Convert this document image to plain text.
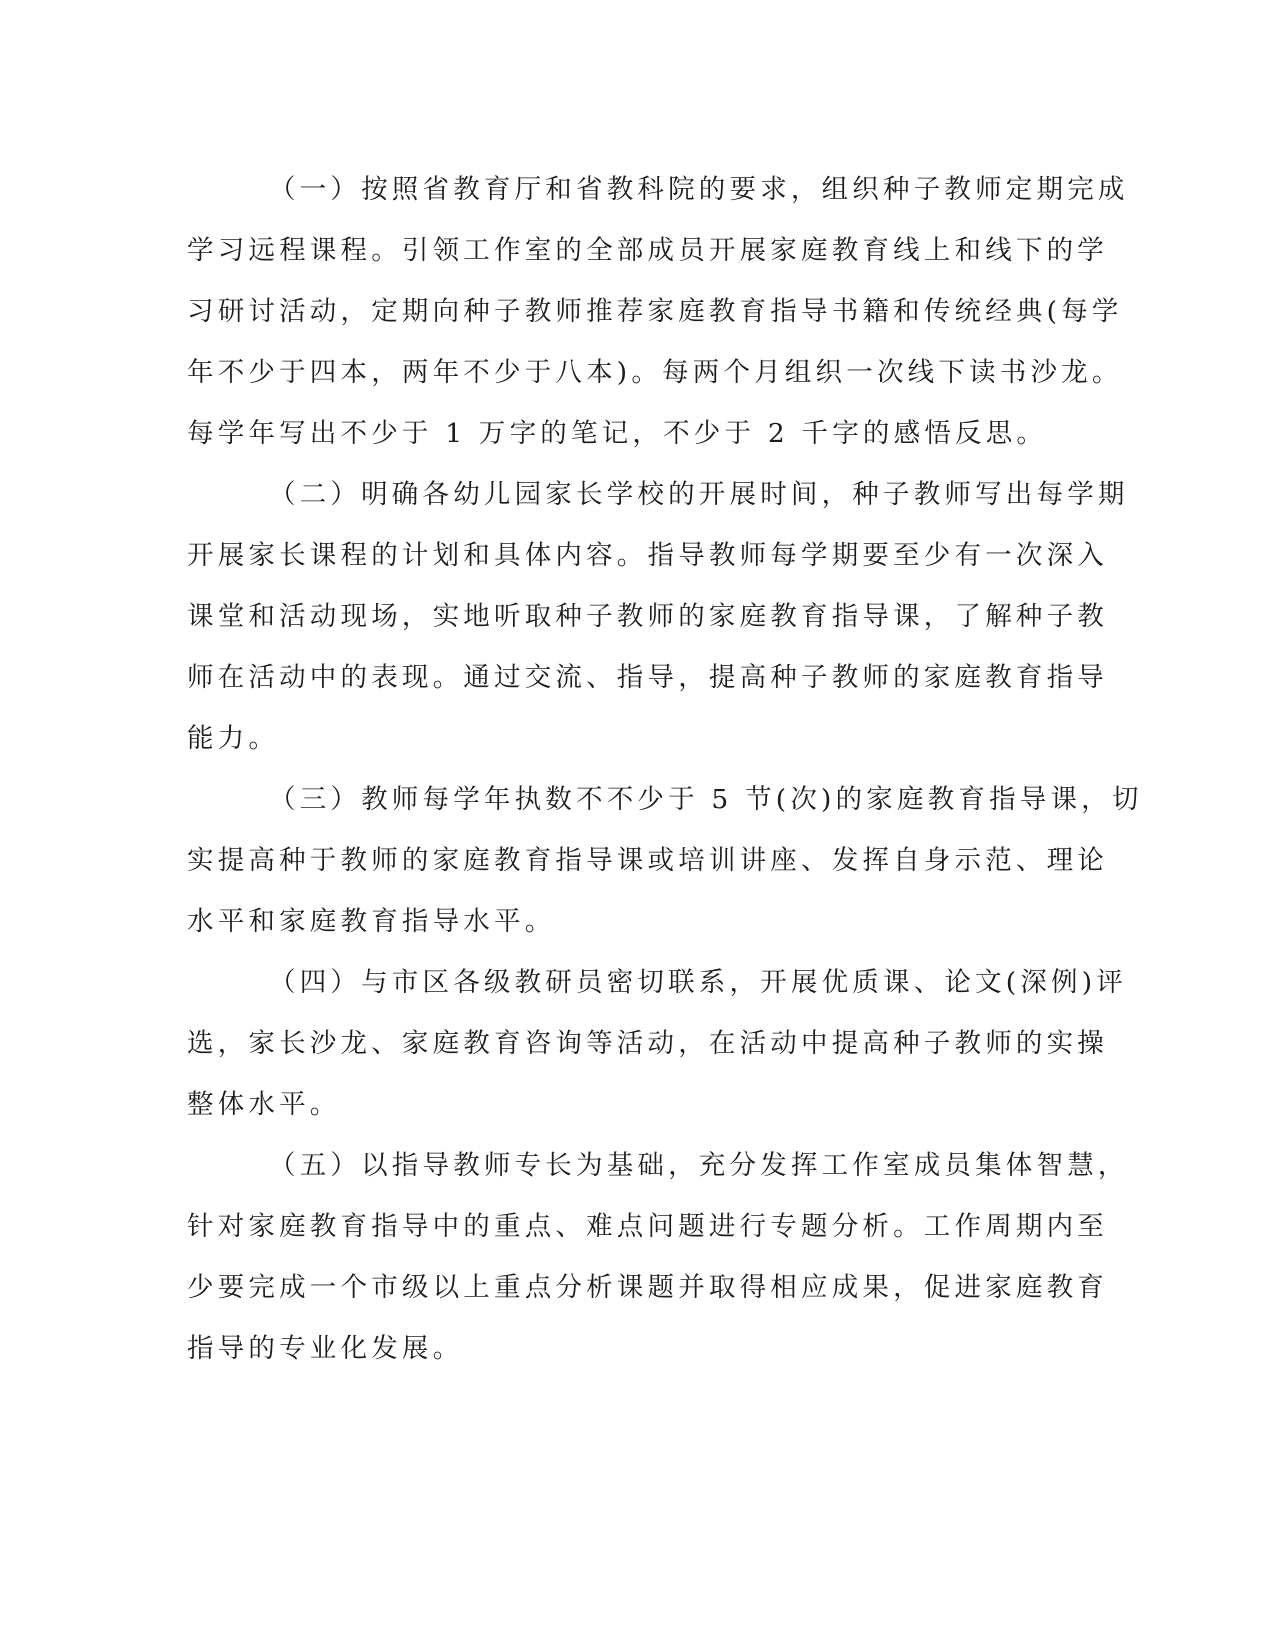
（一）按照省教育厅和省教科院的要求，组织种子教师定期完成
学习远程课程。引领工作室的全部成员开展家庭教育线上和线下的学
习研讨活动，定期向种子教师推荐家庭教育指导书籍和传统经典(每学
年不少于四本，两年不少于八本)。每两个月组织一次线下读书沙龙。
每学年写出不少于 1 万字的笔记，不少于 2 千字的感悟反思。
（二）明确各幼儿园家长学校的开展时间，种子教师写出每学期
开展家长课程的计划和具体内容。指导教师每学期要至少有一次深入
课堂和活动现场，实地听取种子教师的家庭教育指导课，了解种子教
师在活动中的表现。通过交流、指导，提高种子教师的家庭教育指导
能力。
（三）教师每学年执数不不少于 5 节(次)的家庭教育指导课，切
实提高种于教师的家庭教育指导课或培训讲座、发挥自身示范、理论
水平和家庭教育指导水平。
（四）与市区各级教研员密切联系，开展优质课、论文(深例)评
选，家长沙龙、家庭教育咨询等活动，在活动中提高种子教师的实操
整体水平。
（五）以指导教师专长为基础，充分发挥工作室成员集体智慧，
针对家庭教育指导中的重点、难点问题进行专题分析。工作周期内至
少要完成一个市级以上重点分析课题并取得相应成果，促进家庭教育
指导的专业化发展。
